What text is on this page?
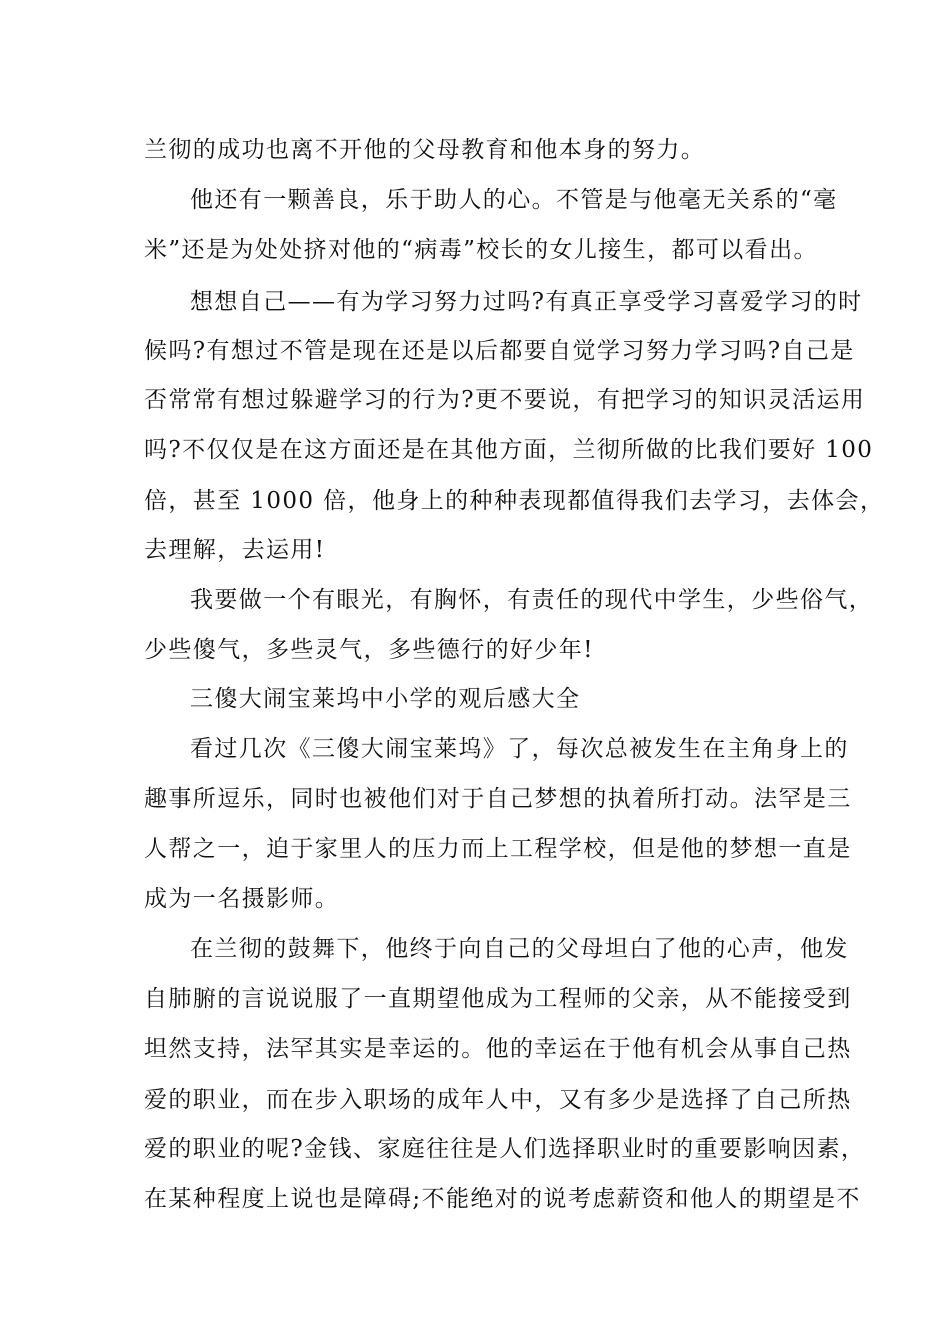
兰彻的成功也离不开他的父母教育和他本身的努力。
他还有一颗善良，乐于助人的心。不管是与他毫无关系的“毫
米”还是为处处挤对他的“病毒”校长的女儿接生，都可以看出。
想想自己——有为学习努力过吗?有真正享受学习喜爱学习的时
候吗?有想过不管是现在还是以后都要自觉学习努力学习吗?自己是
否常常有想过躲避学习的行为?更不要说，有把学习的知识灵活运用
吗?不仅仅是在这方面还是在其他方面，兰彻所做的比我们要好 100
倍，甚至 1000 倍，他身上的种种表现都值得我们去学习，去体会，
去理解，去运用!
我要做一个有眼光，有胸怀，有责任的现代中学生，少些俗气，
少些傻气，多些灵气，多些德行的好少年!
三傻大闹宝莱坞中小学的观后感大全
看过几次《三傻大闹宝莱坞》了，每次总被发生在主角身上的
趣事所逗乐，同时也被他们对于自己梦想的执着所打动。法罕是三
人帮之一，迫于家里人的压力而上工程学校，但是他的梦想一直是
成为一名摄影师。
在兰彻的鼓舞下，他终于向自己的父母坦白了他的心声，他发
自肺腑的言说说服了一直期望他成为工程师的父亲，从不能接受到
坦然支持，法罕其实是幸运的。他的幸运在于他有机会从事自己热
爱的职业，而在步入职场的成年人中，又有多少是选择了自己所热
爱的职业的呢?金钱、家庭往往是人们选择职业时的重要影响因素，
在某种程度上说也是障碍;不能绝对的说考虑薪资和他人的期望是不
